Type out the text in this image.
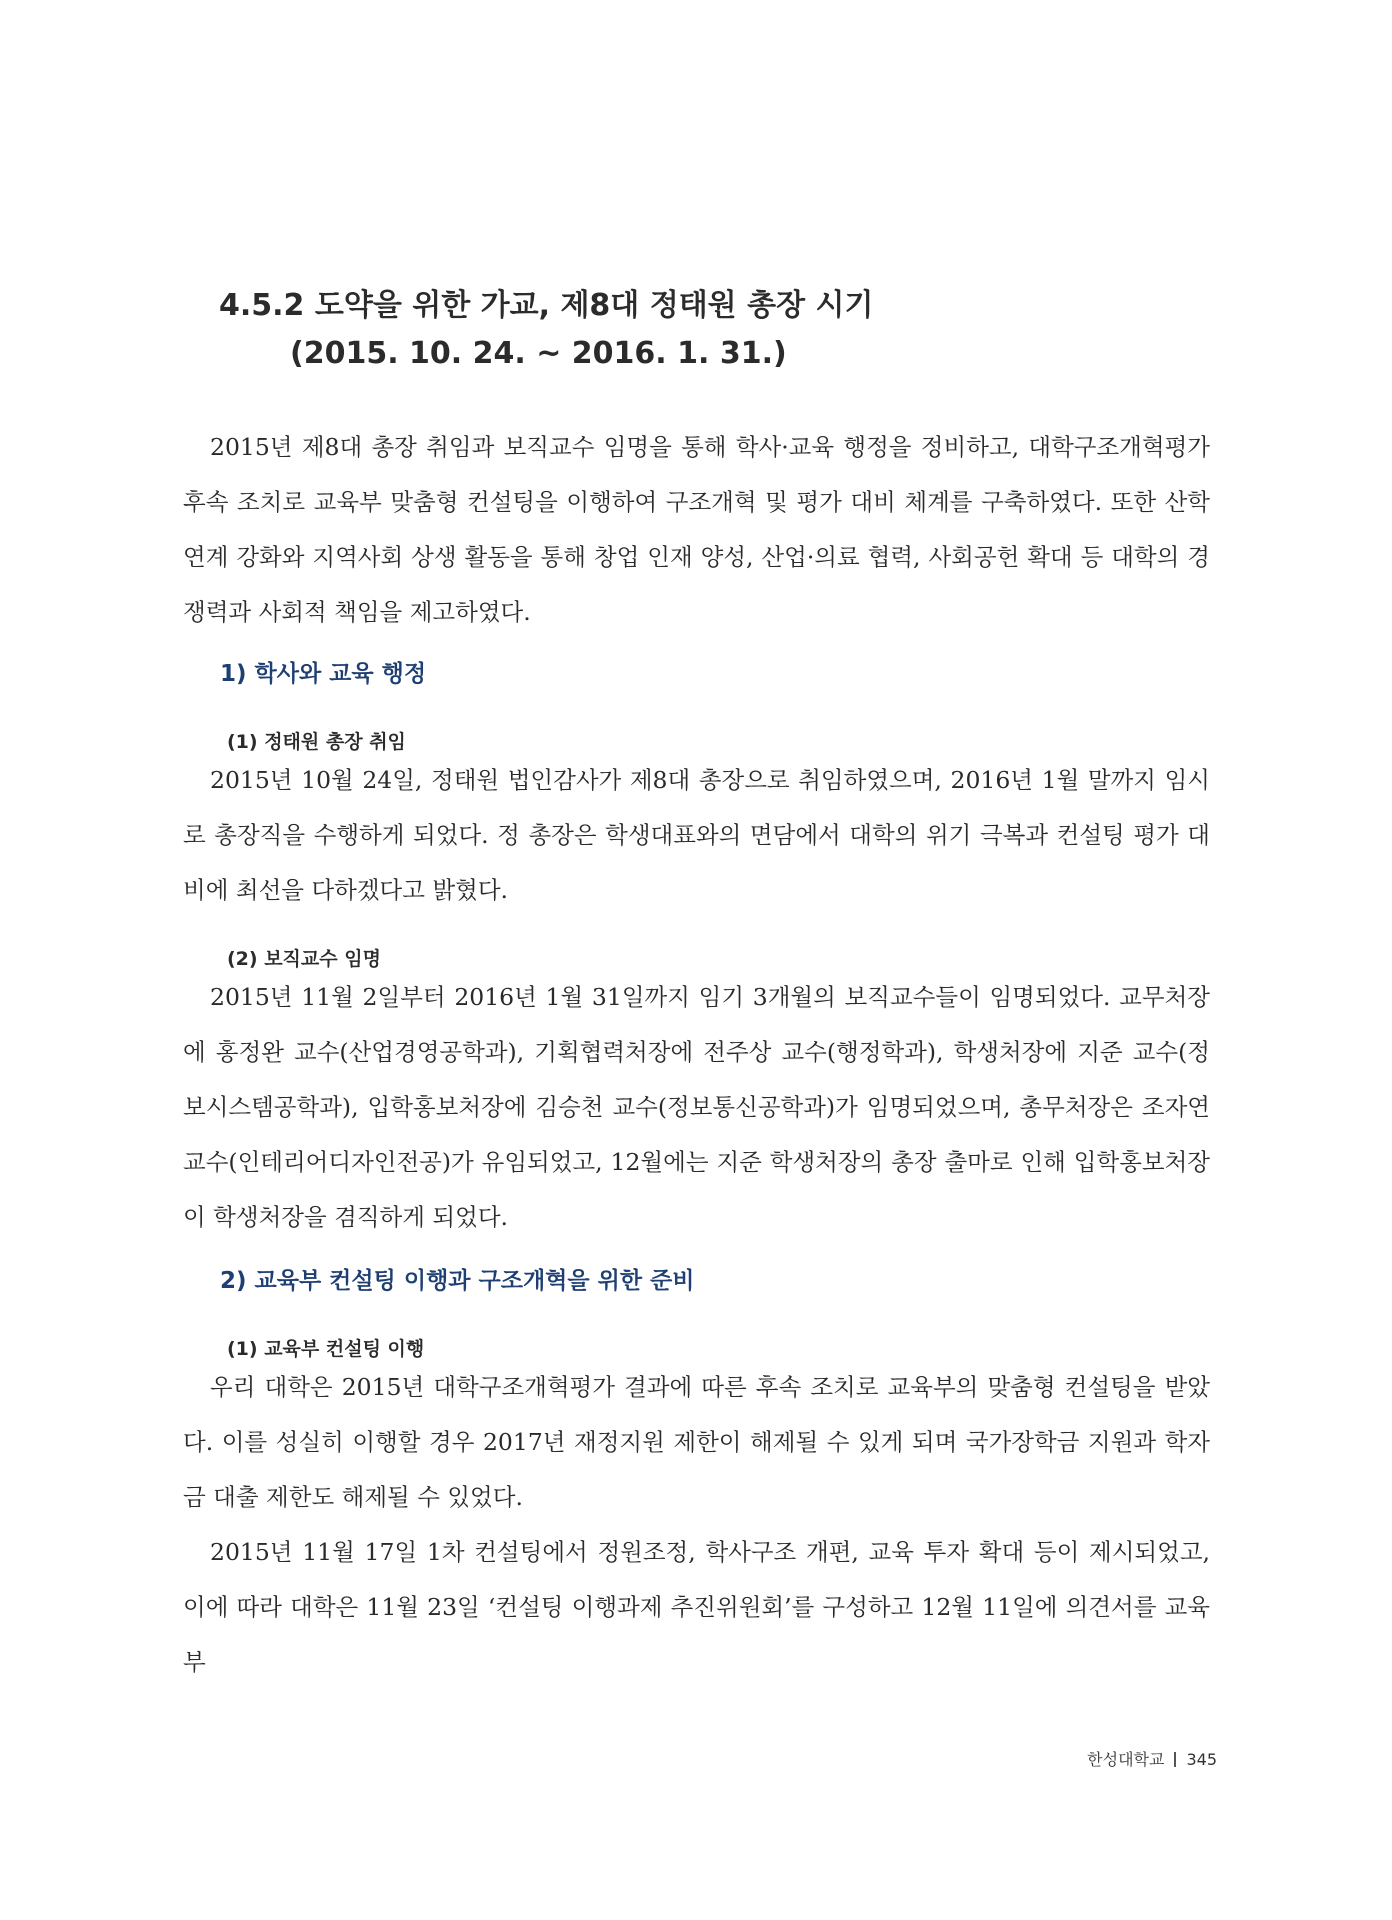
4.5.2 도약을 위한 가교, 제8대 정태원 총장 시기
(2015. 10. 24. ~ 2016. 1. 31.)

2015년 제8대 총장 취임과 보직교수 임명을 통해 학사·교육 행정을 정비하고, 대학구조개혁평가 후속 조치로 교육부 맞춤형 컨설팅을 이행하여 구조개혁 및 평가 대비 체계를 구축하였다. 또한 산학연계 강화와 지역사회 상생 활동을 통해 창업 인재 양성, 산업·의료 협력, 사회공헌 확대 등 대학의 경쟁력과 사회적 책임을 제고하였다.

1) 학사와 교육 행정
(1) 정태원 총장 취임

2015년 10월 24일, 정태원 법인감사가 제8대 총장으로 취임하였으며, 2016년 1월 말까지 임시로 총장직을 수행하게 되었다. 정 총장은 학생대표와의 면담에서 대학의 위기 극복과 컨설팅 평가 대비에 최선을 다하겠다고 밝혔다.

(2) 보직교수 임명

2015년 11월 2일부터 2016년 1월 31일까지 임기 3개월의 보직교수들이 임명되었다. 교무처장에 홍정완 교수(산업경영공학과), 기획협력처장에 전주상 교수(행정학과), 학생처장에 지준 교수(정보시스템공학과), 입학홍보처장에 김승천 교수(정보통신공학과)가 임명되었으며, 총무처장은 조자연 교수(인테리어디자인전공)가 유임되었고, 12월에는 지준 학생처장의 총장 출마로 인해 입학홍보처장이 학생처장을 겸직하게 되었다.

2) 교육부 컨설팅 이행과 구조개혁을 위한 준비
(1) 교육부 컨설팅 이행

우리 대학은 2015년 대학구조개혁평가 결과에 따른 후속 조치로 교육부의 맞춤형 컨설팅을 받았다. 이를 성실히 이행할 경우 2017년 재정지원 제한이 해제될 수 있게 되며 국가장학금 지원과 학자금 대출 제한도 해제될 수 있었다.

2015년 11월 17일 1차 컨설팅에서 정원조정, 학사구조 개편, 교육 투자 확대 등이 제시되었고, 이에 따라 대학은 11월 23일 ‘컨설팅 이행과제 추진위원회’를 구성하고 12월 11일에 의견서를 교육부

한성대학교 345
